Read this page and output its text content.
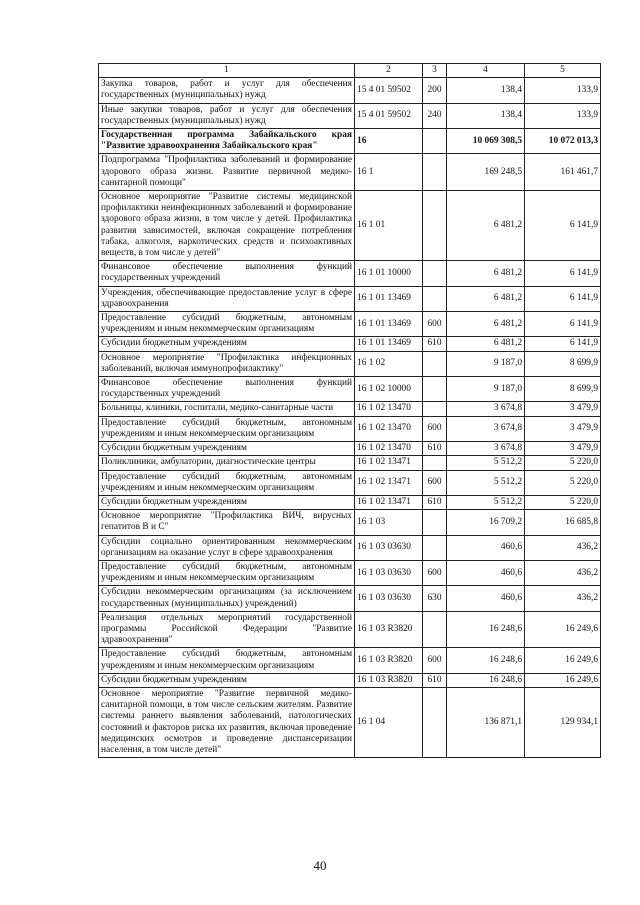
1	2	3	4	5
Закупка товаров, работ и услуг для обеспечения государственных (муниципальных) нужд	15 4 01 59502	200	138,4	133,9
Иные закупки товаров, работ и услуг для обеспечения государственных (муниципальных) нужд	15 4 01 59502	240	138,4	133,9
Государственная программа Забайкальского края "Развитие здравоохранения Забайкальского края"	16		10 069 308,5	10 072 013,3
Подпрограмма "Профилактика заболеваний и формирование здорового образа жизни. Развитие первичной медико-санитарной помощи"	16 1		169 248,5	161 461,7
Основное мероприятие "Развитие системы медицинской профилактики неинфекционных заболеваний и формирование здорового образа жизни, в том числе у детей. Профилактика развития зависимостей, включая сокращение потребления табака, алкоголя, наркотических средств и психоактивных веществ, в том числе у детей"	16 1 01		6 481,2	6 141,9
Финансовое обеспечение выполнения функций государственных учреждений	16 1 01 10000		6 481,2	6 141,9
Учреждения, обеспечивающие предоставление услуг в сфере здравоохранения	16 1 01 13469		6 481,2	6 141,9
Предоставление субсидий бюджетным, автономным учреждениям и иным некоммерческим организациям	16 1 01 13469	600	6 481,2	6 141,9
Субсидии бюджетным учреждениям	16 1 01 13469	610	6 481,2	6 141,9
Основное мероприятие "Профилактика инфекционных заболеваний, включая иммунопрофилактику"	16 1 02		9 187,0	8 699,9
Финансовое обеспечение выполнения функций государственных учреждений	16 1 02 10000		9 187,0	8 699,9
Больницы, клиники, госпитали, медико-санитарные части	16 1 02 13470		3 674,8	3 479,9
Предоставление субсидий бюджетным, автономным учреждениям и иным некоммерческим организациям	16 1 02 13470	600	3 674,8	3 479,9
Субсидии бюджетным учреждениям	16 1 02 13470	610	3 674,8	3 479,9
Поликлиники, амбулатории, диагностические центры	16 1 02 13471		5 512,2	5 220,0
Предоставление субсидий бюджетным, автономным учреждениям и иным некоммерческим организациям	16 1 02 13471	600	5 512,2	5 220,0
Субсидии бюджетным учреждениям	16 1 02 13471	610	5 512,2	5 220,0
Основное мероприятие "Профилактика ВИЧ, вирусных гепатитов В и С"	16 1 03		16 709,2	16 685,8
Субсидии социально ориентированным некоммерческим организациям на оказание услуг в сфере здравоохранения	16 1 03 03630		460,6	436,2
Предоставление субсидий бюджетным, автономным учреждениям и иным некоммерческим организациям	16 1 03 03630	600	460,6	436,2
Субсидии некоммерческим организациям (за исключением государственных (муниципальных) учреждений)	16 1 03 03630	630	460,6	436,2
Реализация отдельных мероприятий государственной программы Российской Федерации "Развитие здравоохранения"	16 1 03 R3820		16 248,6	16 249,6
Предоставление субсидий бюджетным, автономным учреждениям и иным некоммерческим организациям	16 1 03 R3820	600	16 248,6	16 249,6
Субсидии бюджетным учреждениям	16 1 03 R3820	610	16 248,6	16 249,6
Основное мероприятие "Развитие первичной медико-санитарной помощи, в том числе сельским жителям. Развитие системы раннего выявления заболеваний, патологических состояний и факторов риска их развития, включая проведение медицинских осмотров и проведение диспансеризации населения, в том числе детей"	16 1 04		136 871,1	129 934,1
40
